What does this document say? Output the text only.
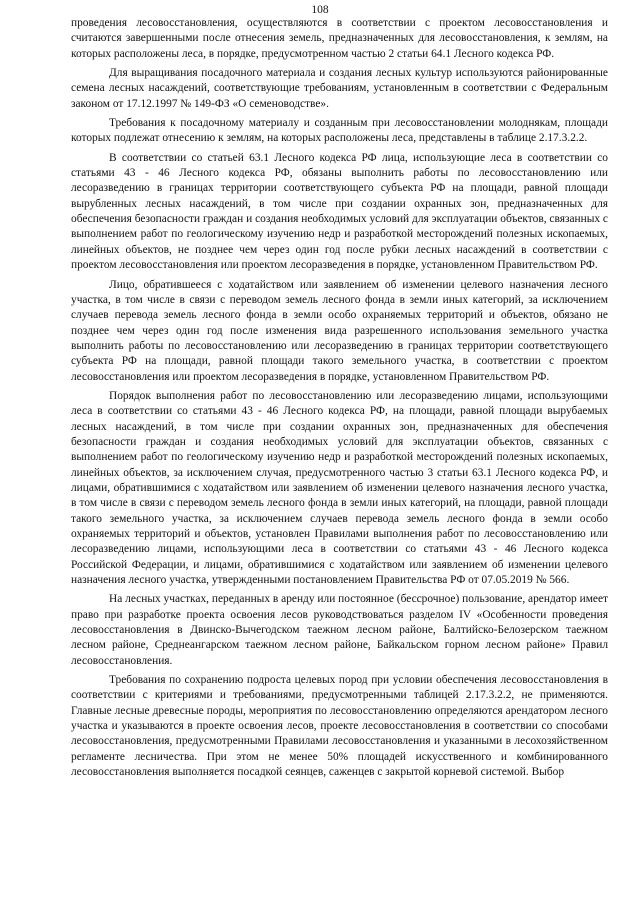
108

проведения лесовосстановления, осуществляются в соответствии с проектом лесовосстановления и считаются завершенными после отнесения земель, предназначенных для лесовосстановления, к землям, на которых расположены леса, в порядке, предусмотренном частью 2 статьи 64.1 Лесного кодекса РФ.

Для выращивания посадочного материала и создания лесных культур используются районированные семена лесных насаждений, соответствующие требованиям, установленным в соответствии с Федеральным законом от 17.12.1997 № 149-ФЗ «О семеноводстве».

Требования к посадочному материалу и созданным при лесовосстановлении молоднякам, площади которых подлежат отнесению к землям, на которых расположены леса, представлены в таблице 2.17.3.2.2.

В соответствии со статьей 63.1 Лесного кодекса РФ лица, использующие леса в соответствии со статьями 43 - 46 Лесного кодекса РФ, обязаны выполнить работы по лесовосстановлению или лесоразведению в границах территории соответствующего субъекта РФ на площади, равной площади вырубленных лесных насаждений, в том числе при создании охранных зон, предназначенных для обеспечения безопасности граждан и создания необходимых условий для эксплуатации объектов, связанных с выполнением работ по геологическому изучению недр и разработкой месторождений полезных ископаемых, линейных объектов, не позднее чем через один год после рубки лесных насаждений в соответствии с проектом лесовосстановления или проектом лесоразведения в порядке, установленном Правительством РФ.

Лицо, обратившееся с ходатайством или заявлением об изменении целевого назначения лесного участка, в том числе в связи с переводом земель лесного фонда в земли иных категорий, за исключением случаев перевода земель лесного фонда в земли особо охраняемых территорий и объектов, обязано не позднее чем через один год после изменения вида разрешенного использования земельного участка выполнить работы по лесовосстановлению или лесоразведению в границах территории соответствующего субъекта РФ на площади, равной площади такого земельного участка, в соответствии с проектом лесовосстановления или проектом лесоразведения в порядке, установленном Правительством РФ.

Порядок выполнения работ по лесовосстановлению или лесоразведению лицами, использующими леса в соответствии со статьями 43 - 46 Лесного кодекса РФ, на площади, равной площади вырубаемых лесных насаждений, в том числе при создании охранных зон, предназначенных для обеспечения безопасности граждан и создания необходимых условий для эксплуатации объектов, связанных с выполнением работ по геологическому изучению недр и разработкой месторождений полезных ископаемых, линейных объектов, за исключением случая, предусмотренного частью 3 статьи 63.1 Лесного кодекса РФ, и лицами, обратившимися с ходатайством или заявлением об изменении целевого назначения лесного участка, в том числе в связи с переводом земель лесного фонда в земли иных категорий, на площади, равной площади такого земельного участка, за исключением случаев перевода земель лесного фонда в земли особо охраняемых территорий и объектов, установлен Правилами выполнения работ по лесовосстановлению или лесоразведению лицами, использующими леса в соответствии со статьями 43 - 46 Лесного кодекса Российской Федерации, и лицами, обратившимися с ходатайством или заявлением об изменении целевого назначения лесного участка, утвержденными постановлением Правительства РФ от 07.05.2019 № 566.

На лесных участках, переданных в аренду или постоянное (бессрочное) пользование, арендатор имеет право при разработке проекта освоения лесов руководствоваться разделом IV «Особенности проведения лесовосстановления в Двинско-Вычегодском таежном лесном районе, Балтийско-Белозерском таежном лесном районе, Среднеангарском таежном лесном районе, Байкальском горном лесном районе» Правил лесовосстановления.

Требования по сохранению подроста целевых пород при условии обеспечения лесовосстановления в соответствии с критериями и требованиями, предусмотренными таблицей 2.17.3.2.2, не применяются. Главные лесные древесные породы, мероприятия по лесовосстановлению определяются арендатором лесного участка и указываются в проекте освоения лесов, проекте лесовосстановления в соответствии со способами лесовосстановления, предусмотренными Правилами лесовосстановления и указанными в лесохозяйственном регламенте лесничества. При этом не менее 50% площадей искусственного и комбинированного лесовосстановления выполняется посадкой сеянцев, саженцев с закрытой корневой системой. Выбор
